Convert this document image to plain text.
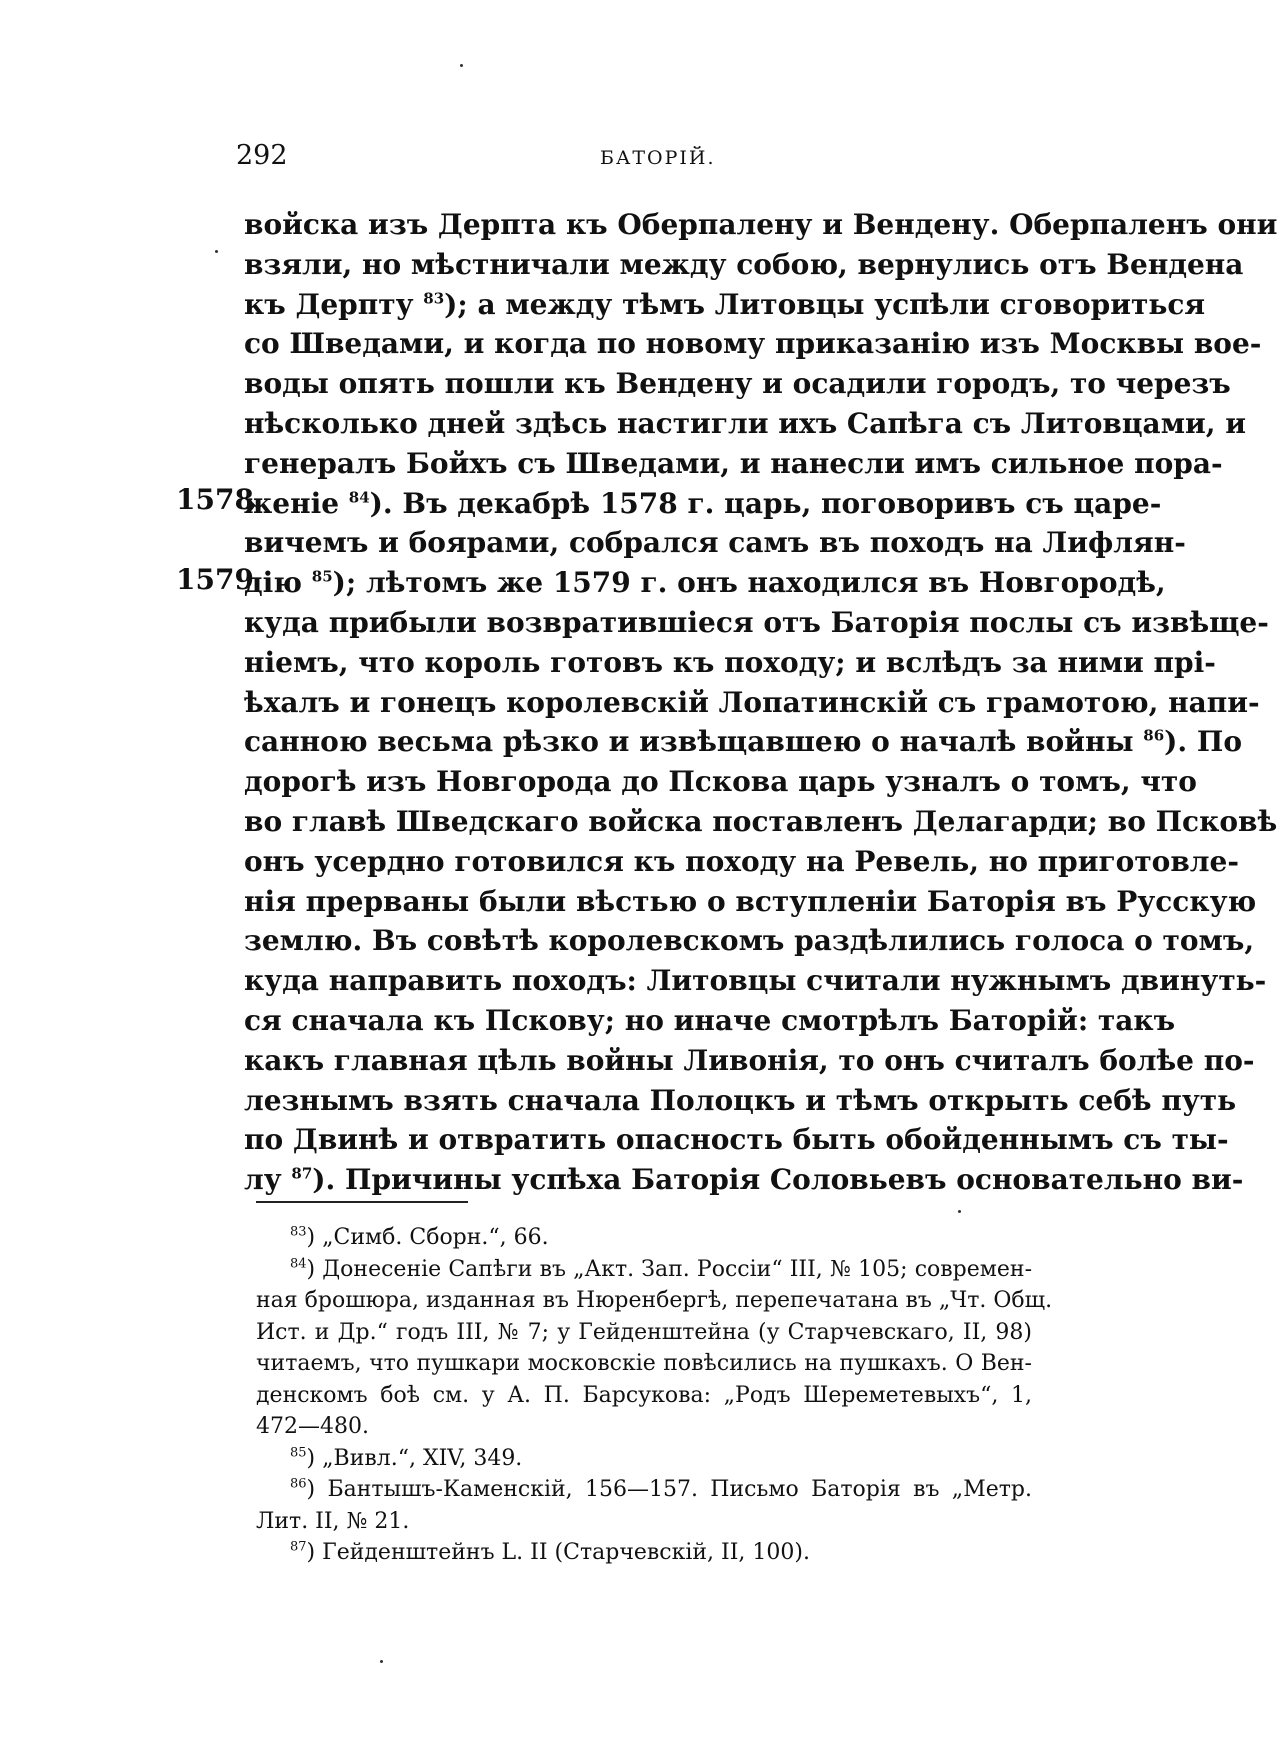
292	БАТОРІЙ.
1578
1579
войска изъ Дерпта къ Оберпалену и Вендену. Оберпаленъ они
взяли, но мѣстничали между собою, вернулись отъ Вендена
къ Дерпту $^{83}$); а между тѣмъ Литовцы успѣли сговориться
со Шведами, и когда по новому приказанію изъ Москвы вое-
воды опять пошли къ Вендену и осадили городъ, то черезъ
нѣсколько дней здѣсь настигли ихъ Сапѣга съ Литовцами, и
генералъ Бойхъ съ Шведами, и нанесли имъ сильное пора-
женіе $^{84}$). Въ декабрѣ 1578 г. царь, поговоривъ съ царе-
вичемъ и боярами, собрался самъ въ походъ на Лифлян-
дію $^{85}$); лѣтомъ же 1579 г. онъ находился въ Новгородѣ,
куда прибыли возвратившіеся отъ Баторія послы съ извѣще-
ніемъ, что король готовъ къ походу; и вслѣдъ за ними прі-
ѣхалъ и гонецъ королевскій Лопатинскій съ грамотою, напи-
санною весьма рѣзко и извѣщавшею о началѣ войны $^{86}$). По
дорогѣ изъ Новгорода до Пскова царь узналъ о томъ, что
во главѣ Шведскаго войска поставленъ Делагарди; во Псковѣ
онъ усердно готовился къ походу на Ревель, но приготовле-
нія прерваны были вѣстью о вступленіи Баторія въ Русскую
землю. Въ совѣтѣ королевскомъ раздѣлились голоса о томъ,
куда направить походъ: Литовцы считали нужнымъ двинуть-
ся сначала къ Пскову; но иначе смотрѣлъ Баторій: такъ
какъ главная цѣль войны Ливонія, то онъ считалъ болѣе по-
лезнымъ взять сначала Полоцкъ и тѣмъ открыть себѣ путь
по Двинѣ и отвратить опасность быть обойденнымъ съ ты-
лу $^{87}$). Причины успѣха Баторія Соловьевъ основательно ви-
$^{83}$) „Симб. Сборн.“, 66.
$^{84}$) Донесеніе Сапѣги въ „Акт. Зап. Россіи“ III, № 105; современ-
ная брошюра, изданная въ Нюренбергѣ, перепечатана въ „Чт. Общ.
Ист. и Др.“ годъ III, № 7; у Гейденштейна (у Старчевскаго, II, 98)
читаемъ, что пушкари московскіе повѣсились на пушкахъ. О Вен-
денскомъ боѣ см. у А. П. Барсукова: „Родъ Шереметевыхъ“, 1,
472—480.
$^{85}$) „Вивл.“, XIV, 349.
$^{86}$) Бантышъ-Каменскій, 156—157. Письмо Баторія въ „Метр.
Лит. II, № 21.
$^{87}$) Гейденштейнъ L. II (Старчевскій, II, 100).
